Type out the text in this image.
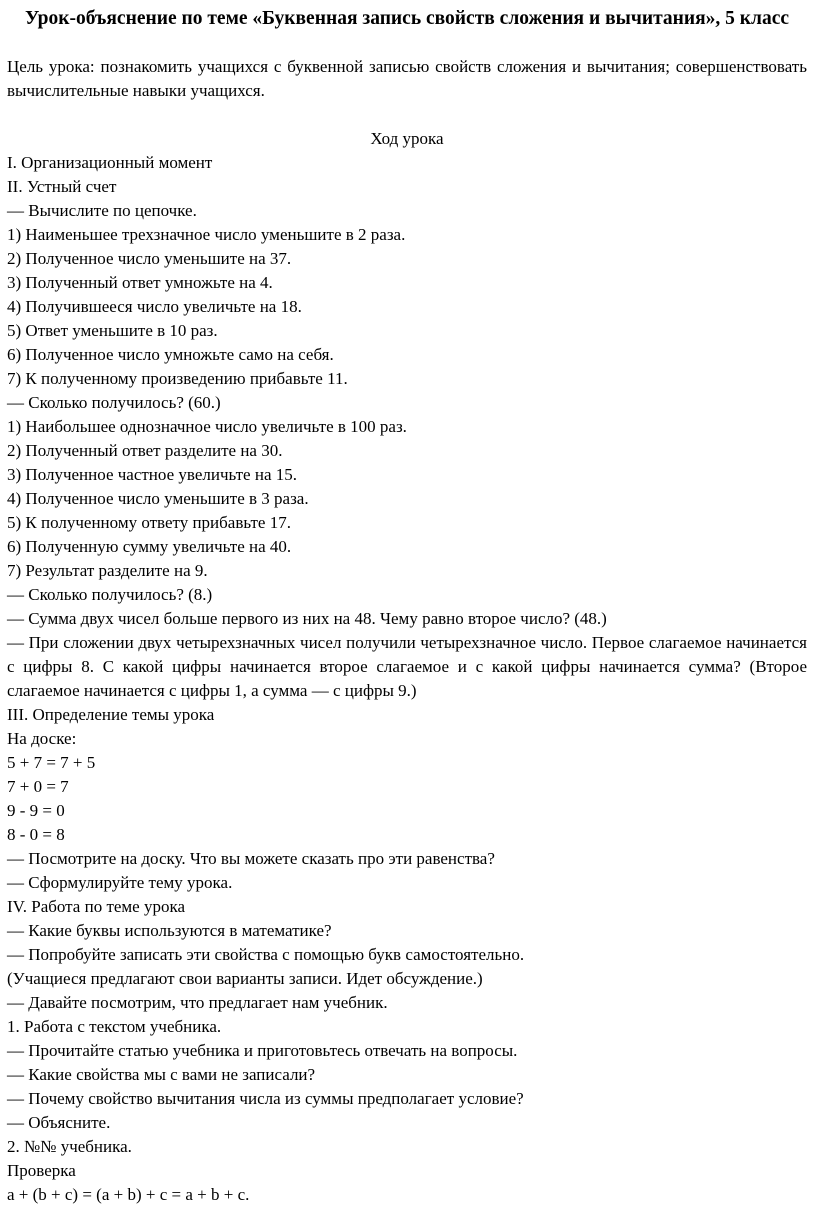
Урок-объяснение по теме «Буквенная запись свойств сложения и вычитания», 5 класс

Цель урока: познакомить учащихся с буквенной записью свойств сложения и вычитания; совершенствовать вычислительные навыки учащихся.

Ход урока

I. Организационный момент

II. Устный счет

— Вычислите по цепочке.

1) Наименьшее трехзначное число уменьшите в 2 раза.

2) Полученное число уменьшите на 37.

3) Полученный ответ умножьте на 4.

4) Получившееся число увеличьте на 18.

5) Ответ уменьшите в 10 раз.

6) Полученное число умножьте само на себя.

7) К полученному произведению прибавьте 11.

— Сколько получилось? (60.)

1) Наибольшее однозначное число увеличьте в 100 раз.

2) Полученный ответ разделите на 30.

3) Полученное частное увеличьте на 15.

4) Полученное число уменьшите в 3 раза.

5) К полученному ответу прибавьте 17.

6) Полученную сумму увеличьте на 40.

7) Результат разделите на 9.

— Сколько получилось? (8.)

— Сумма двух чисел больше первого из них на 48. Чему равно второе число? (48.)

— При сложении двух четырехзначных чисел получили четырехзначное число. Первое слагаемое начинается с цифры 8. С какой цифры начинается второе слагаемое и с какой цифры начинается сумма? (Второе слагаемое начинается с цифры 1, а сумма — с цифры 9.)

III. Определение темы урока

На доске:

5 + 7 = 7 + 5

7 + 0 = 7

9 - 9 = 0

8 - 0 = 8

— Посмотрите на доску. Что вы можете сказать про эти равенства?

— Сформулируйте тему урока.

IV. Работа по теме урока

— Какие буквы используются в математике?

— Попробуйте записать эти свойства с помощью букв самостоятельно.

(Учащиеся предлагают свои варианты записи. Идет обсуждение.)

— Давайте посмотрим, что предлагает нам учебник.

1. Работа с текстом учебника.

— Прочитайте статью учебника и приготовьтесь отвечать на вопросы.

— Какие свойства мы с вами не записали?

— Почему свойство вычитания числа из суммы предполагает условие?

— Объясните.

2. №№ учебника.

Проверка

a + (b + c) = (a + b) + c = a + b + c.
